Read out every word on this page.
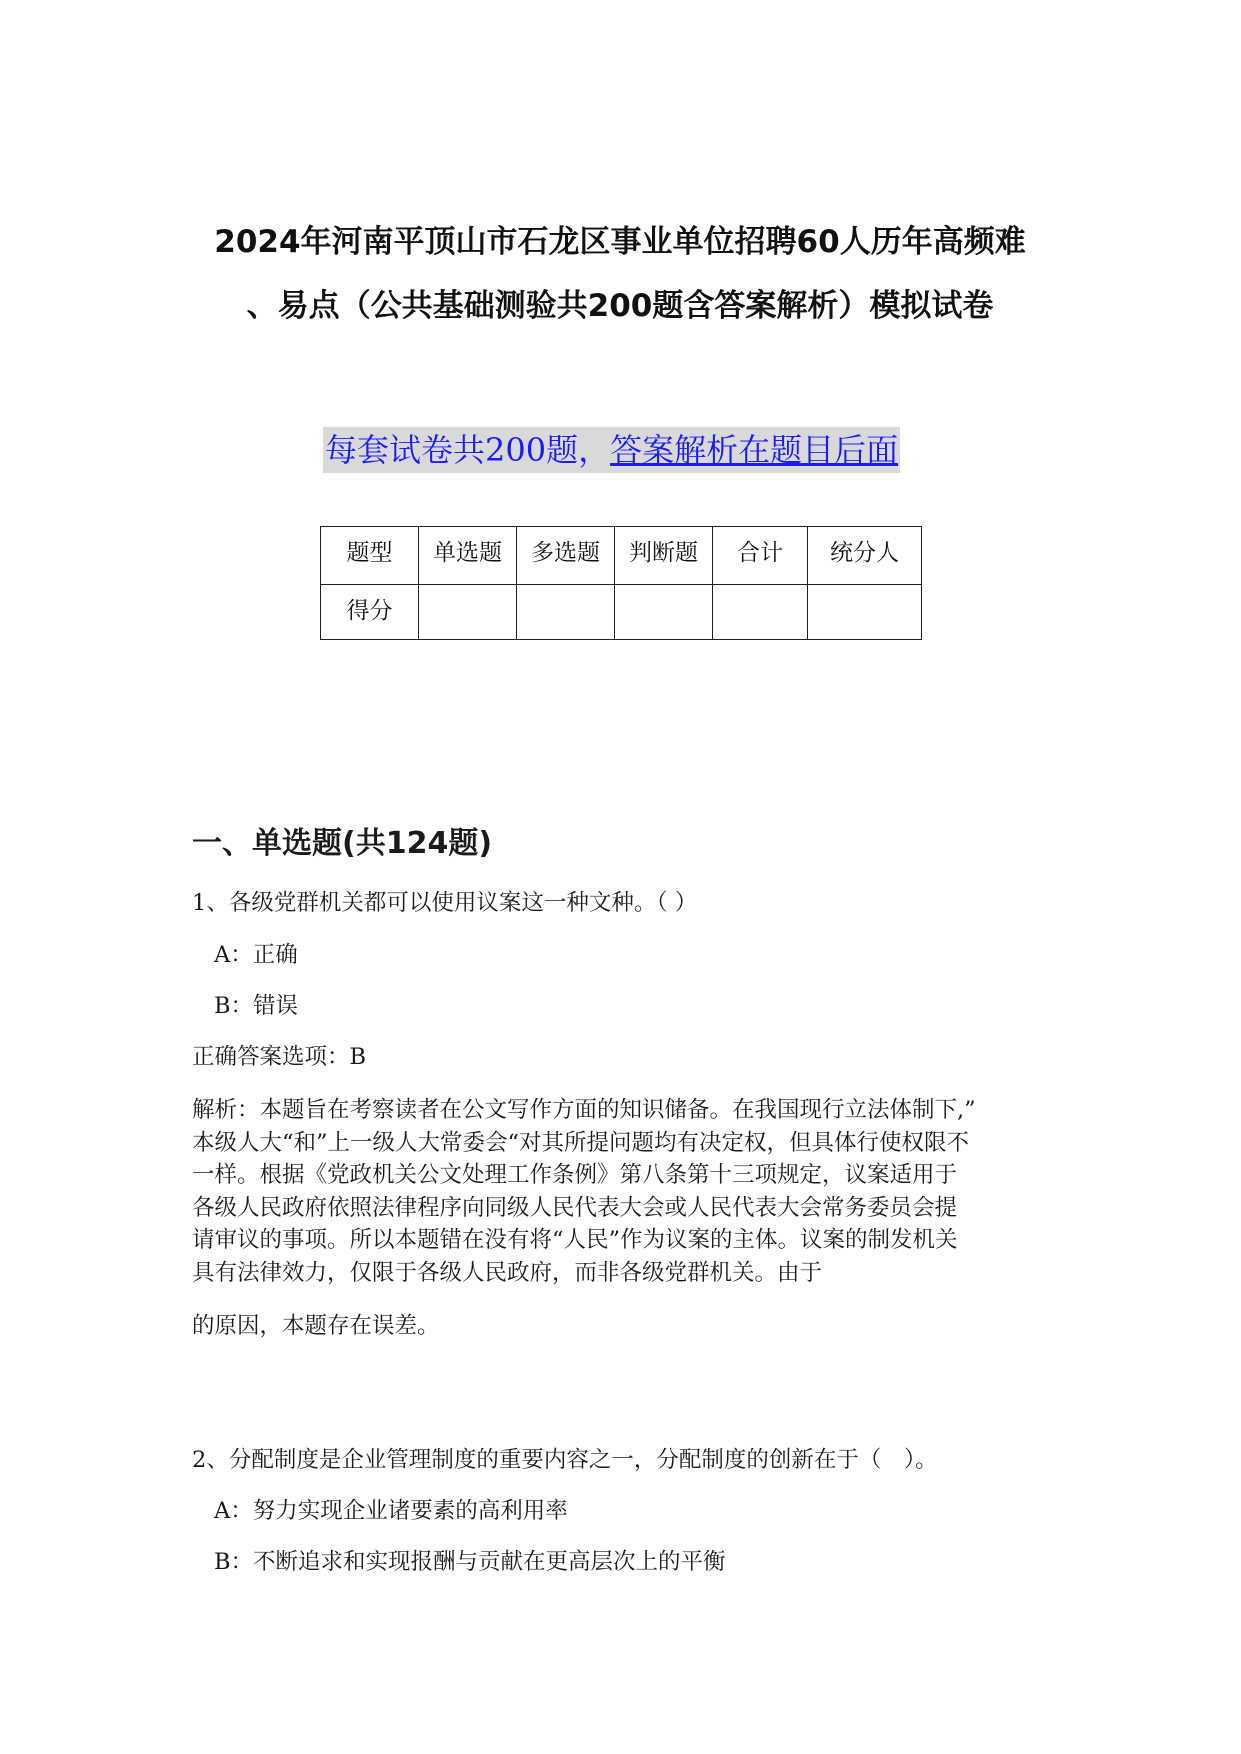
2024年河南平顶山市石龙区事业单位招聘60人历年高频难
、易点（公共基础测验共200题含答案解析）模拟试卷
每套试卷共200题，答案解析在题目后面
题型	单选题	多选题	判断题	合计	统分人
得分					
一、单选题(共124题)
1、各级党群机关都可以使用议案这一种文种。（ ）
A：正确
B：错误
正确答案选项：B
解析：本题旨在考察读者在公文写作方面的知识储备。在我国现行立法体制下,”
本级人大“和”上一级人大常委会“对其所提问题均有决定权，但具体行使权限不
一样。根据《党政机关公文处理工作条例》第八条第十三项规定，议案适用于
各级人民政府依照法律程序向同级人民代表大会或人民代表大会常务委员会提
请审议的事项。所以本题错在没有将“人民”作为议案的主体。议案的制发机关
具有法律效力，仅限于各级人民政府，而非各级党群机关。由于
的原因，本题存在误差。
2、分配制度是企业管理制度的重要内容之一，分配制度的创新在于（　）。
A：努力实现企业诸要素的高利用率
B：不断追求和实现报酬与贡献在更高层次上的平衡
